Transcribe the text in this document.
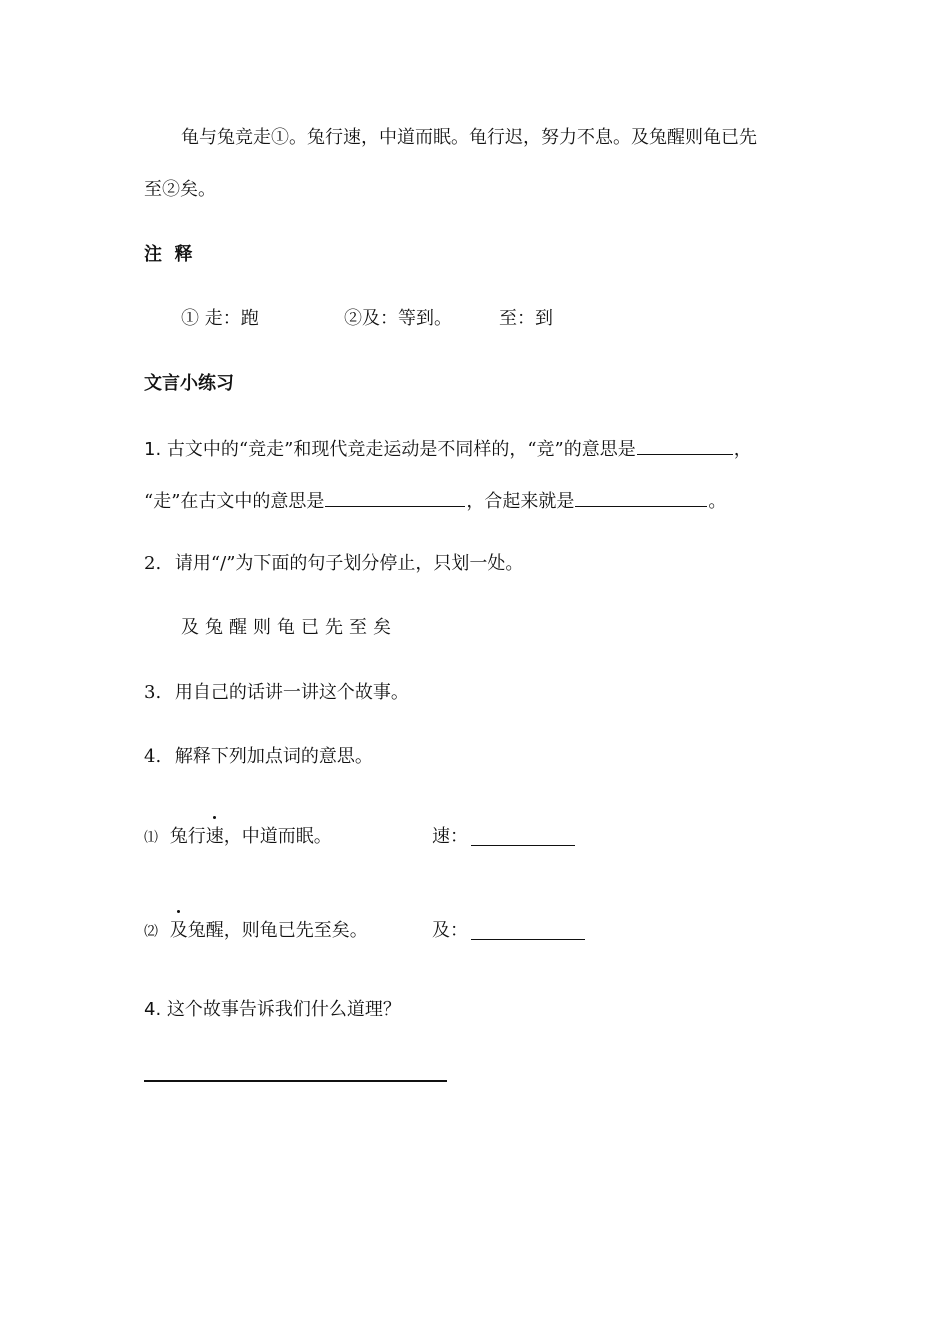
龟与兔竞走①。兔行速，中道而眠。龟行迟，努力不息。及兔醒则龟已先
至②矣。
注  释
① 走：跑	②及：等到。	至：到
文言小练习
1. 古文中的“竞走”和现代竞走运动是不同样的，“竞”的意思是	，
“走”在古文中的意思是	，合起来就是	。
2. 请用“/”为下面的句子划分停止，只划一处。
及兔醒则龟已先至矣
3. 用自己的话讲一讲这个故事。
4. 解释下列加点词的意思。
⑴ 兔行速，中道而眠。	速：
⑵ 及兔醒，则龟已先至矣。	及：
4. 这个故事告诉我们什么道理？
